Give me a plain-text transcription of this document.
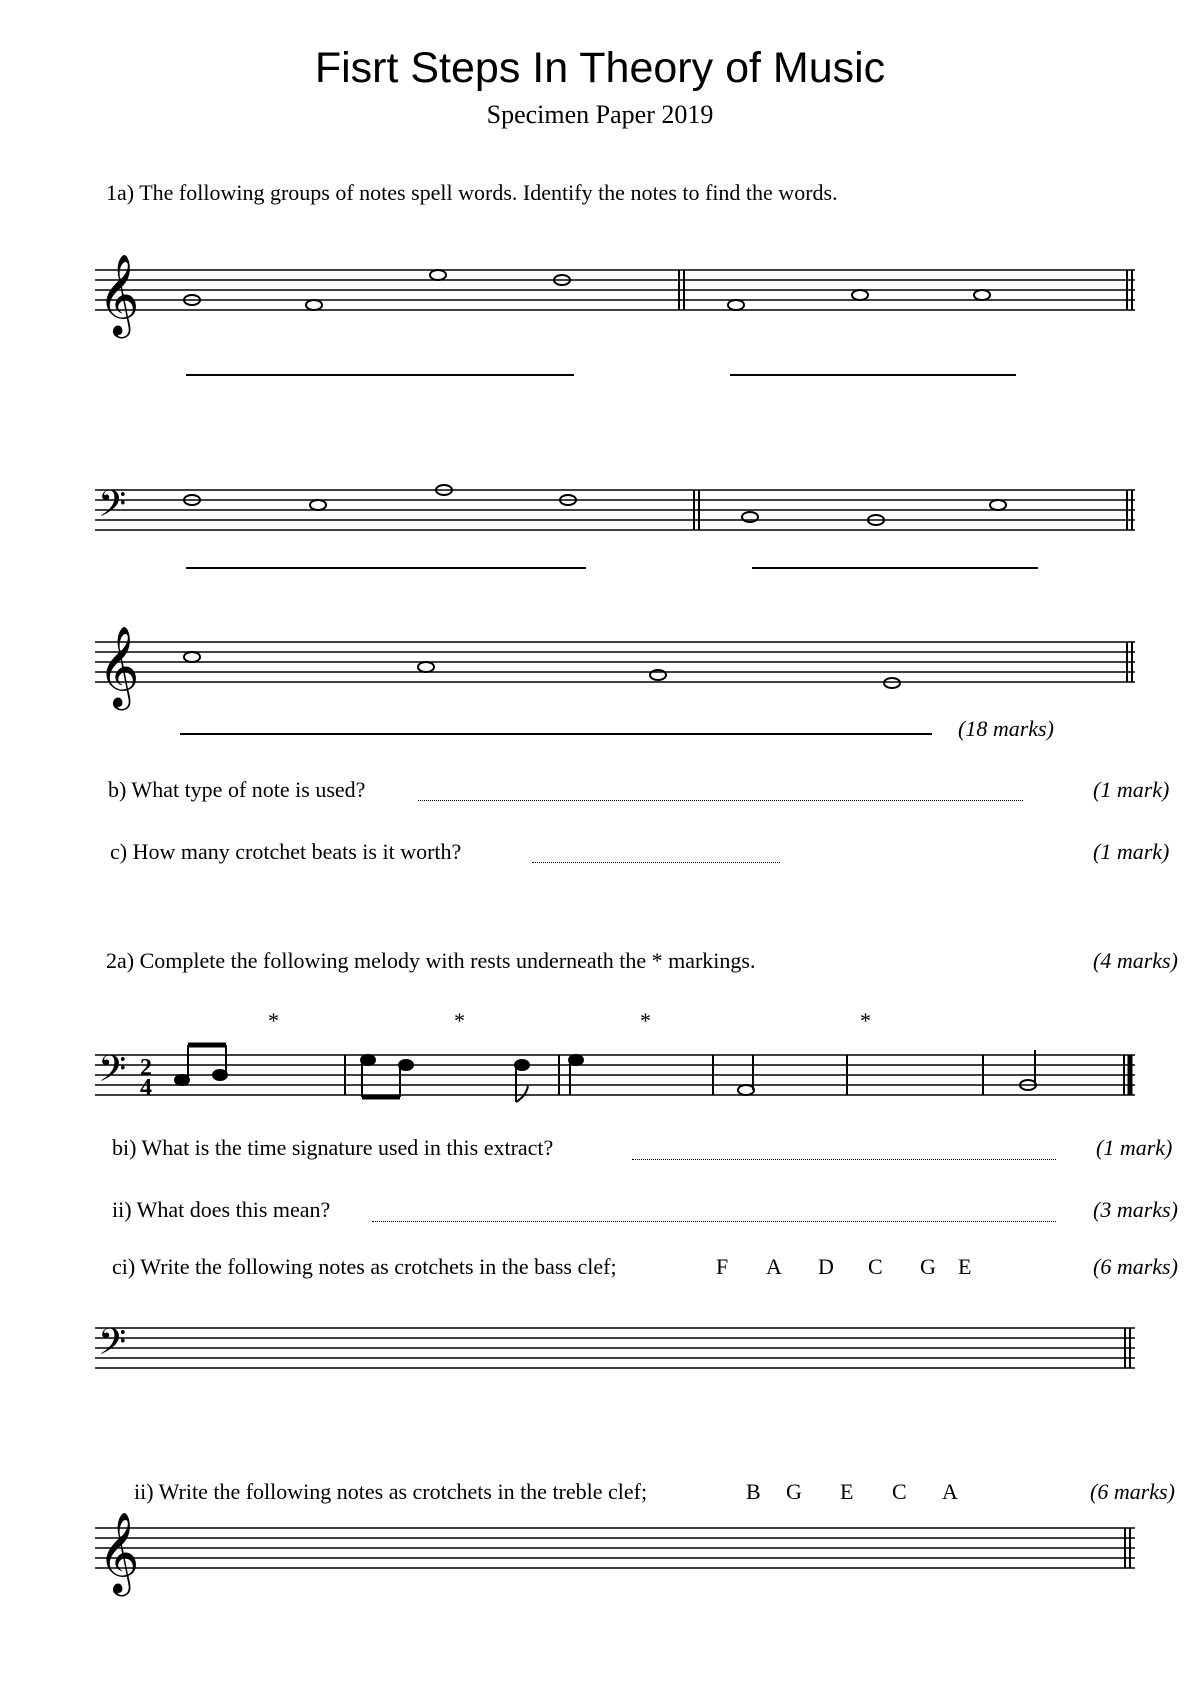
Fisrt Steps In Theory of Music
Specimen Paper 2019
1a) The following groups of notes spell words. Identify the notes to find the words.
𝄞
𝄢
𝄞
(18 marks)
b) What type of note is used?	(1 mark)
c) How many crotchet beats is it worth?	(1 mark)
2a) Complete the following melody with rests underneath the * markings.	(4 marks)
*	*	*	*
𝄢 2
4
bi) What is the time signature used in this extract?	(1 mark)
ii) What does this mean?	(3 marks)
ci) Write the following notes as crotchets in the bass clef;	F A D C G E	(6 marks)
𝄢
ii) Write the following notes as crotchets in the treble clef;	B G E C A	(6 marks)
𝄞
